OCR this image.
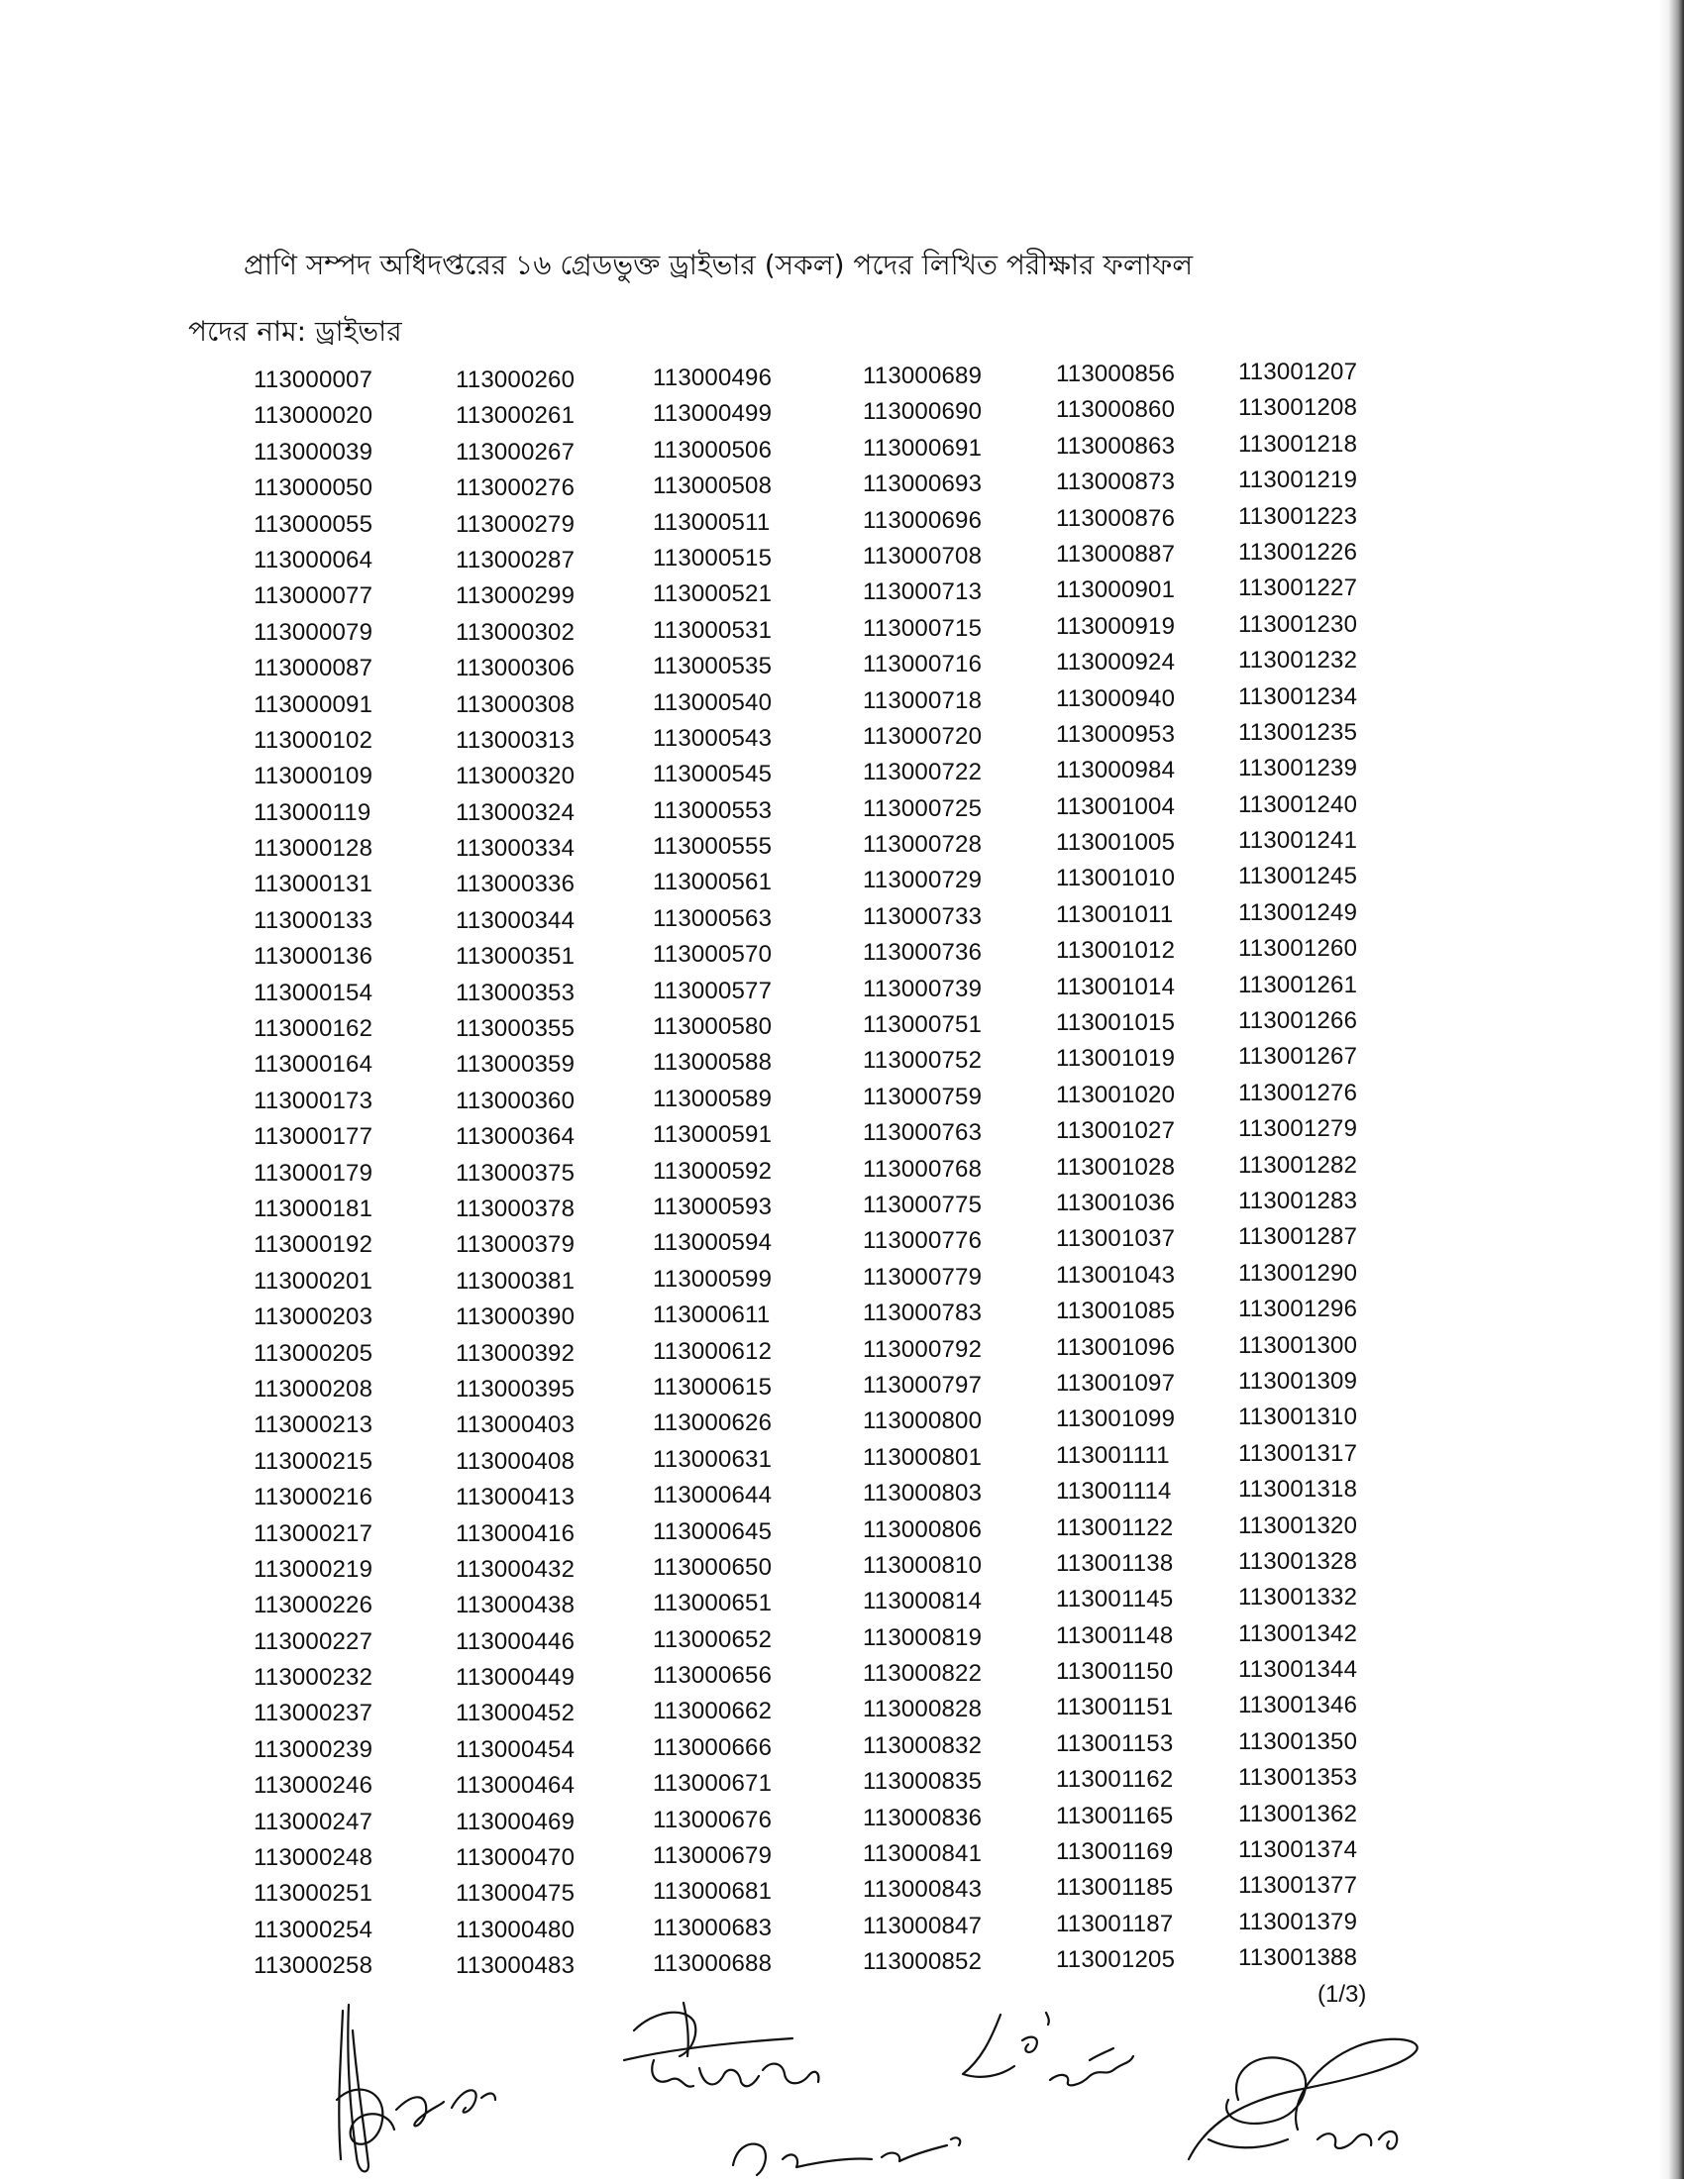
প্রাণি সম্পদ অধিদপ্তরের ১৬ গ্রেডভুক্ত ড্রাইভার (সকল) পদের লিখিত পরীক্ষার ফলাফল
পদের নাম: ড্রাইভার
113000007
113000020
113000039
113000050
113000055
113000064
113000077
113000079
113000087
113000091
113000102
113000109
113000119
113000128
113000131
113000133
113000136
113000154
113000162
113000164
113000173
113000177
113000179
113000181
113000192
113000201
113000203
113000205
113000208
113000213
113000215
113000216
113000217
113000219
113000226
113000227
113000232
113000237
113000239
113000246
113000247
113000248
113000251
113000254
113000258
113000260
113000261
113000267
113000276
113000279
113000287
113000299
113000302
113000306
113000308
113000313
113000320
113000324
113000334
113000336
113000344
113000351
113000353
113000355
113000359
113000360
113000364
113000375
113000378
113000379
113000381
113000390
113000392
113000395
113000403
113000408
113000413
113000416
113000432
113000438
113000446
113000449
113000452
113000454
113000464
113000469
113000470
113000475
113000480
113000483
113000496
113000499
113000506
113000508
113000511
113000515
113000521
113000531
113000535
113000540
113000543
113000545
113000553
113000555
113000561
113000563
113000570
113000577
113000580
113000588
113000589
113000591
113000592
113000593
113000594
113000599
113000611
113000612
113000615
113000626
113000631
113000644
113000645
113000650
113000651
113000652
113000656
113000662
113000666
113000671
113000676
113000679
113000681
113000683
113000688
113000689
113000690
113000691
113000693
113000696
113000708
113000713
113000715
113000716
113000718
113000720
113000722
113000725
113000728
113000729
113000733
113000736
113000739
113000751
113000752
113000759
113000763
113000768
113000775
113000776
113000779
113000783
113000792
113000797
113000800
113000801
113000803
113000806
113000810
113000814
113000819
113000822
113000828
113000832
113000835
113000836
113000841
113000843
113000847
113000852
113000856
113000860
113000863
113000873
113000876
113000887
113000901
113000919
113000924
113000940
113000953
113000984
113001004
113001005
113001010
113001011
113001012
113001014
113001015
113001019
113001020
113001027
113001028
113001036
113001037
113001043
113001085
113001096
113001097
113001099
113001111
113001114
113001122
113001138
113001145
113001148
113001150
113001151
113001153
113001162
113001165
113001169
113001185
113001187
113001205
113001207
113001208
113001218
113001219
113001223
113001226
113001227
113001230
113001232
113001234
113001235
113001239
113001240
113001241
113001245
113001249
113001260
113001261
113001266
113001267
113001276
113001279
113001282
113001283
113001287
113001290
113001296
113001300
113001309
113001310
113001317
113001318
113001320
113001328
113001332
113001342
113001344
113001346
113001350
113001353
113001362
113001374
113001377
113001379
113001388
(1/3)
